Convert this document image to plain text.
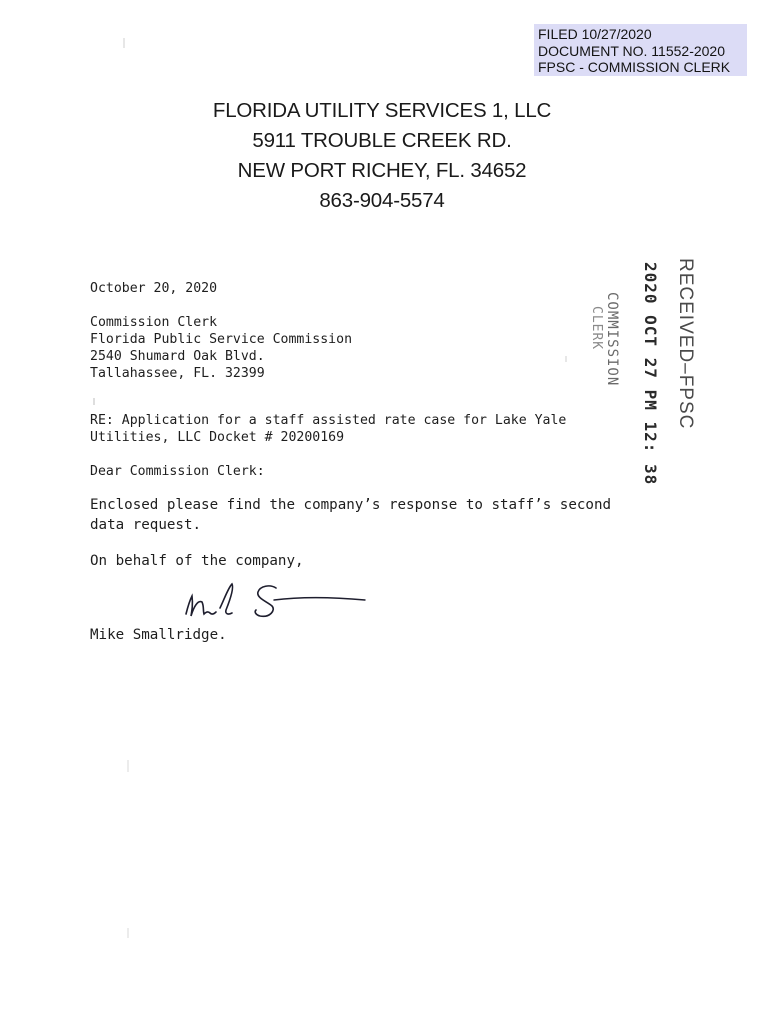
FILED 10/27/2020
DOCUMENT NO. 11552-2020
FPSC - COMMISSION CLERK
FLORIDA UTILITY SERVICES 1, LLC
5911 TROUBLE CREEK RD.
NEW PORT RICHEY, FL. 34652
863-904-5574
RECEIVED–FPSC
2020 OCT 27 PM 12: 38
COMMISSION
CLERK
October 20, 2020
Commission Clerk
Florida Public Service Commission
2540 Shumard Oak Blvd.
Tallahassee, FL. 32399
RE: Application for a staff assisted rate case for Lake Yale
Utilities, LLC Docket # 20200169
Dear Commission Clerk:
Enclosed please find the company’s response to staff’s second
data request.
On behalf of the company,
Mike Smallridge.
